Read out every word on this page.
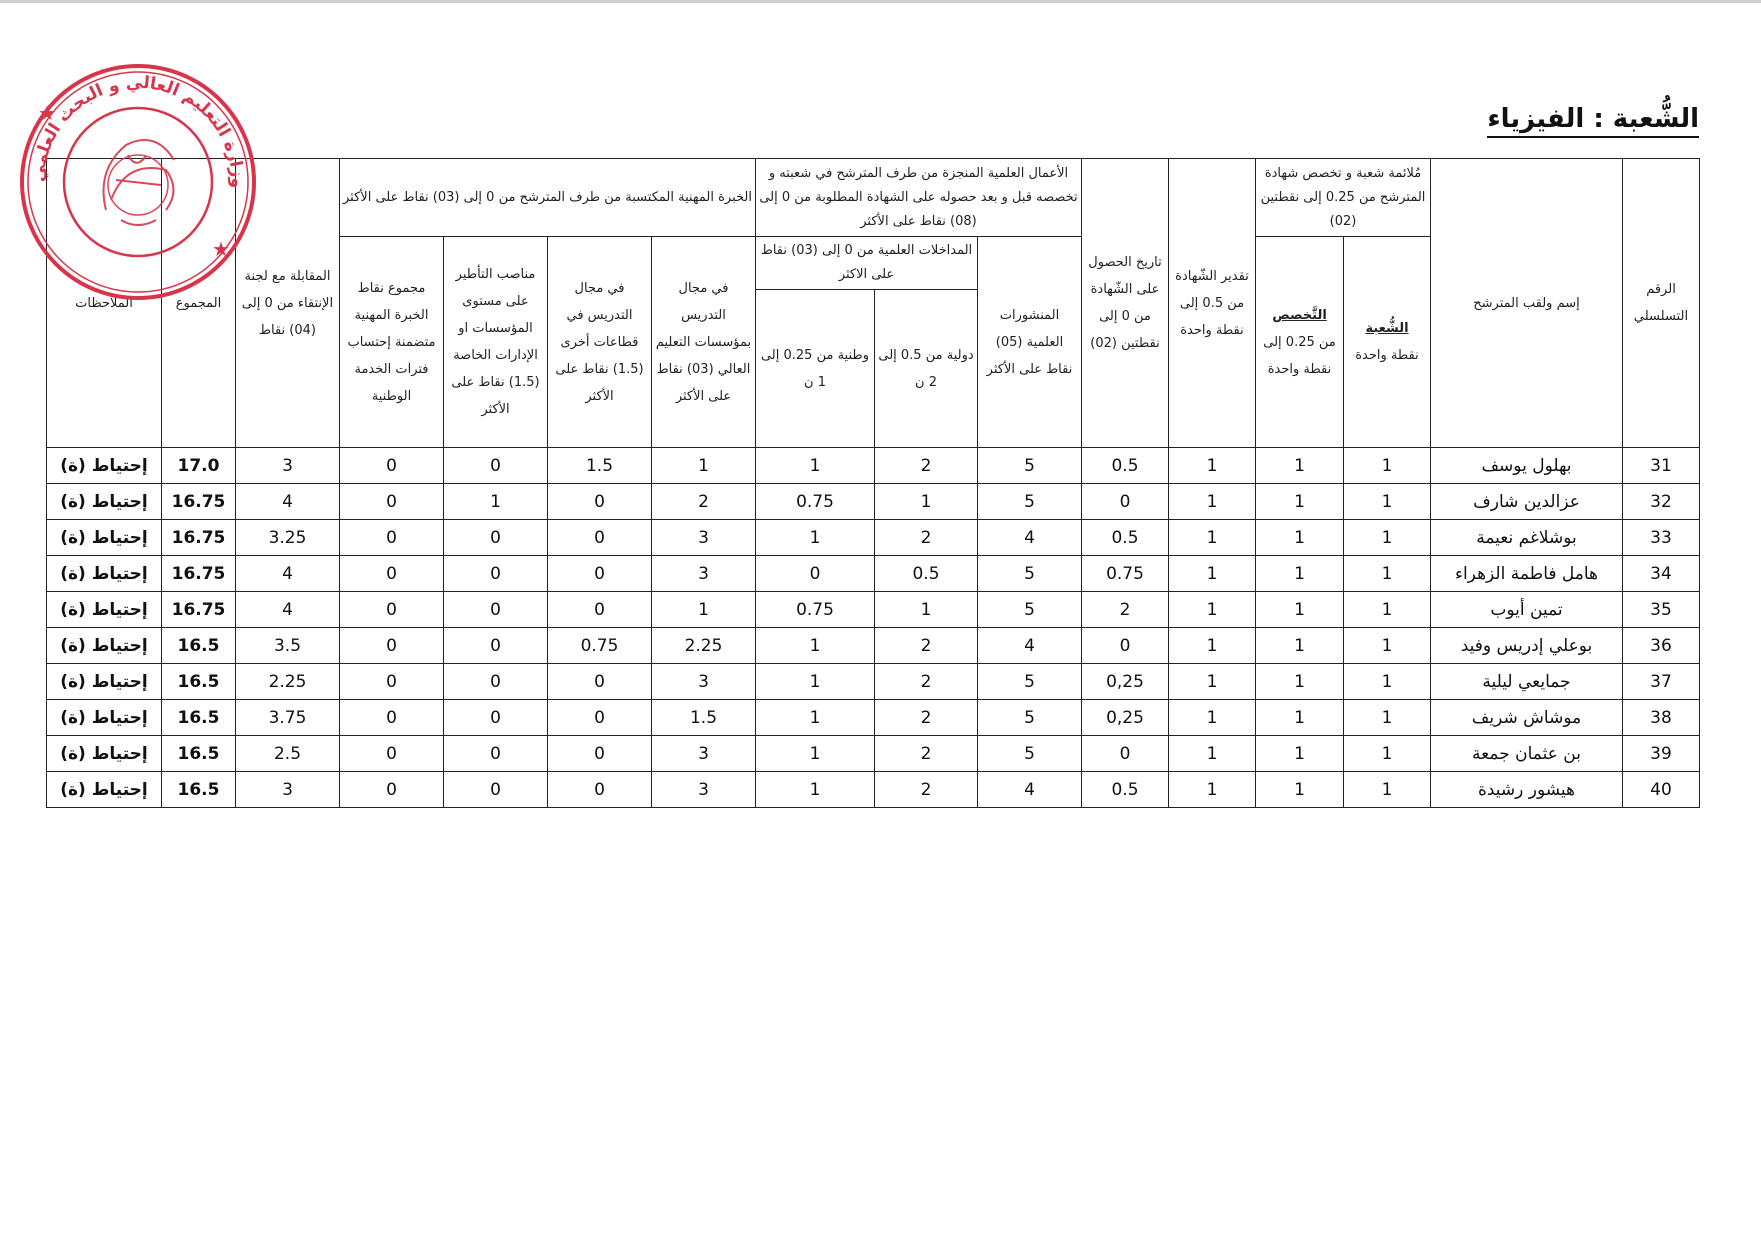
الشُّعبة : الفيزياء
الرقم التسلسلي	إسم ولقب المترشح	مُلائمة شعبة و تخصص شهادة المترشح من 0.25 إلى نقطتين (02)		تقدير الشّهادة من 0.5 إلى نقطة واحدة	تاريخ الحصول على الشّهادة من 0 إلى نقطتين (02)	الأعمال العلمية المنجزة من طرف المترشح في شعبته و تخصصه قبل و بعد حصوله على الشهادة المطلوبة من 0 إلى (08) نقاط على الأكثر			الخبرة المهنية المكتسبة من طرف المترشح من 0 إلى (03) نقاط على الأكثر				المقابلة مع لجنة الإنتقاء من 0 إلى (04) نقاط	المجموع	الملاحظات
		الشُّعبة
نقطة واحدة	التَّخصص
من 0.25 إلى نقطة واحدة			المنشورات العلمية (05) نقاط على الأكثر	المداخلات العلمية من 0 إلى (03) نقاط على الاكثر		في مجال التدريس بمؤسسات التعليم العالي (03) نقاط على الأكثر	في مجال التدريس في قطاعات أخرى (1.5) نقاط على الأكثر	مناصب التأطير على مستوى المؤسسات او الإدارات الخاصة (1.5) نقاط على الأكثر	مجموع نقاط الخبرة المهنية متضمنة إحتساب فترات الخدمة الوطنية			
							دولية من 0.5 إلى 2 ن	وطنية من 0.25 إلى 1 ن							
31	بهلول يوسف	1	1	1	0.5	5	2	1	1	1.5	0	0	3	17.0	إحتياط (ة)
32	عزالدين شارف	1	1	1	0	5	1	0.75	2	0	1	0	4	16.75	إحتياط (ة)
33	بوشلاغم نعيمة	1	1	1	0.5	4	2	1	3	0	0	0	3.25	16.75	إحتياط (ة)
34	هامل فاطمة الزهراء	1	1	1	0.75	5	0.5	0	3	0	0	0	4	16.75	إحتياط (ة)
35	تمين أيوب	1	1	1	2	5	1	0.75	1	0	0	0	4	16.75	إحتياط (ة)
36	بوعلي إدريس وفيد	1	1	1	0	4	2	1	2.25	0.75	0	0	3.5	16.5	إحتياط (ة)
37	جمايعي ليلية	1	1	1	0,25	5	2	1	3	0	0	0	2.25	16.5	إحتياط (ة)
38	موشاش شريف	1	1	1	0,25	5	2	1	1.5	0	0	0	3.75	16.5	إحتياط (ة)
39	بن عثمان جمعة	1	1	1	0	5	2	1	3	0	0	0	2.5	16.5	إحتياط (ة)
40	هيشور رشيدة	1	1	1	0.5	4	2	1	3	0	0	0	3	16.5	إحتياط (ة)
وزارة التعليم العالي و البحث العلمي
★
★
